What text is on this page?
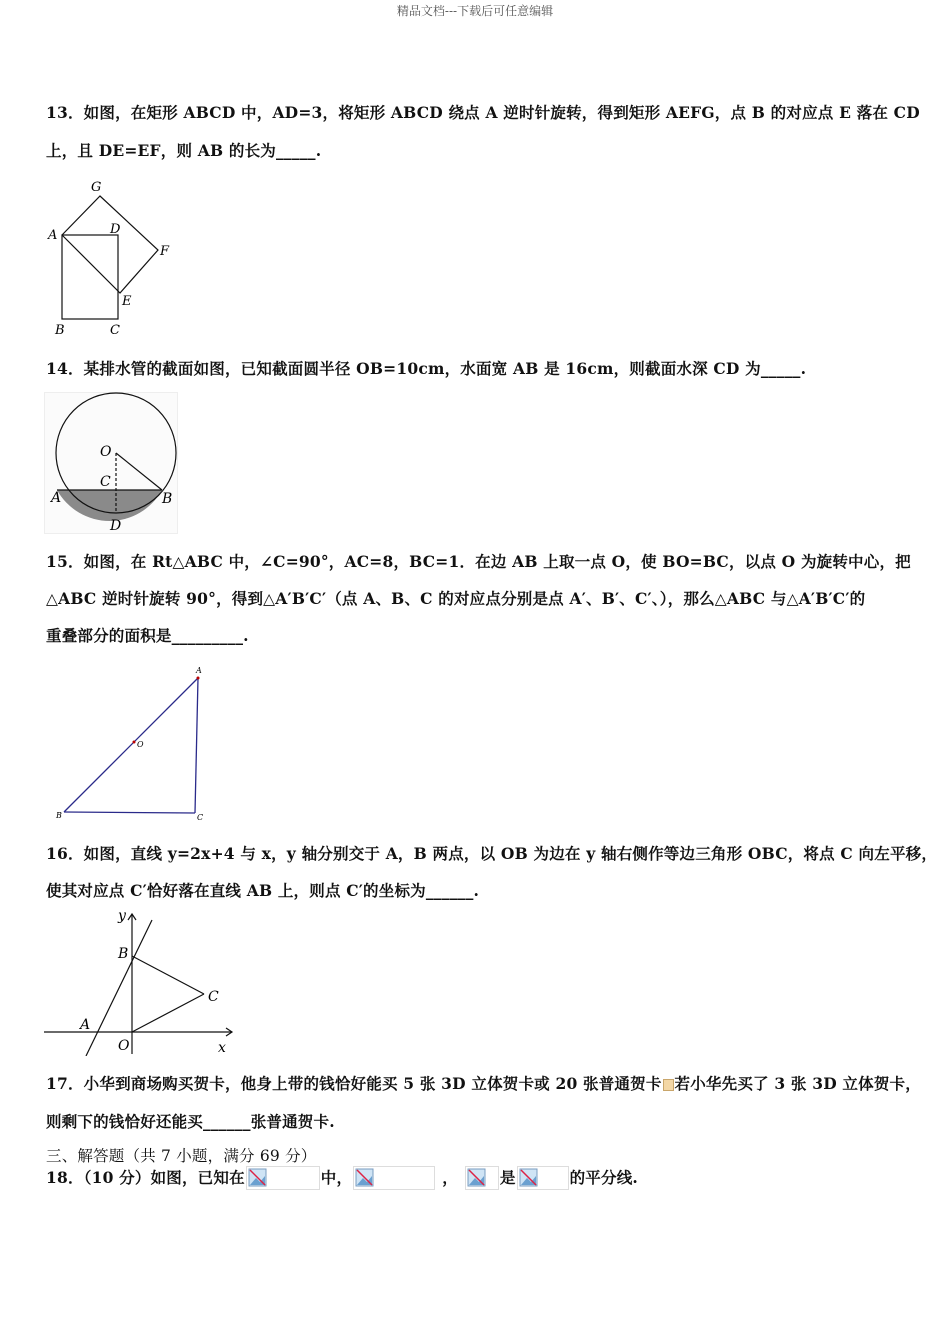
精品文档---下载后可任意编辑
13．如图，在矩形 ABCD 中，AD=3，将矩形 ABCD 绕点 A 逆时针旋转，得到矩形 AEFG，点 B 的对应点 E 落在 CD
上，且 DE=EF，则 AB 的长为_____.
G
A	D
F
E
B	C
14．某排水管的截面如图，已知截面圆半径 OB=10cm，水面宽 AB 是 16cm，则截面水深 CD 为_____.
O
C
A	B
D
15．如图，在 Rt△ABC 中，∠C=90°，AC=8，BC=1．在边 AB 上取一点 O，使 BO=BC，以点 O 为旋转中心，把
△ABC 逆时针旋转 90°，得到△A′B′C′（点 A、B、C 的对应点分别是点 A′、B′、C′、），那么△ABC 与△A′B′C′的
重叠部分的面积是_________.
A
O
B	C
16．如图，直线 y=2x+4 与 x，y 轴分别交于 A，B 两点，以 OB 为边在 y 轴右侧作等边三角形 OBC，将点 C 向左平移，
使其对应点 C′恰好落在直线 AB 上，则点 C′的坐标为______.
y
B
C
A
O	x
17．小华到商场购买贺卡，他身上带的钱恰好能买 5 张 3D 立体贺卡或 20 张普通贺卡 若小华先买了 3 张 3D 立体贺卡，
则剩下的钱恰好还能买______张普通贺卡.
三、解答题（共 7 小题，满分 69 分）
18．（10 分）如图，已知在	中，	，	是	的平分线.
